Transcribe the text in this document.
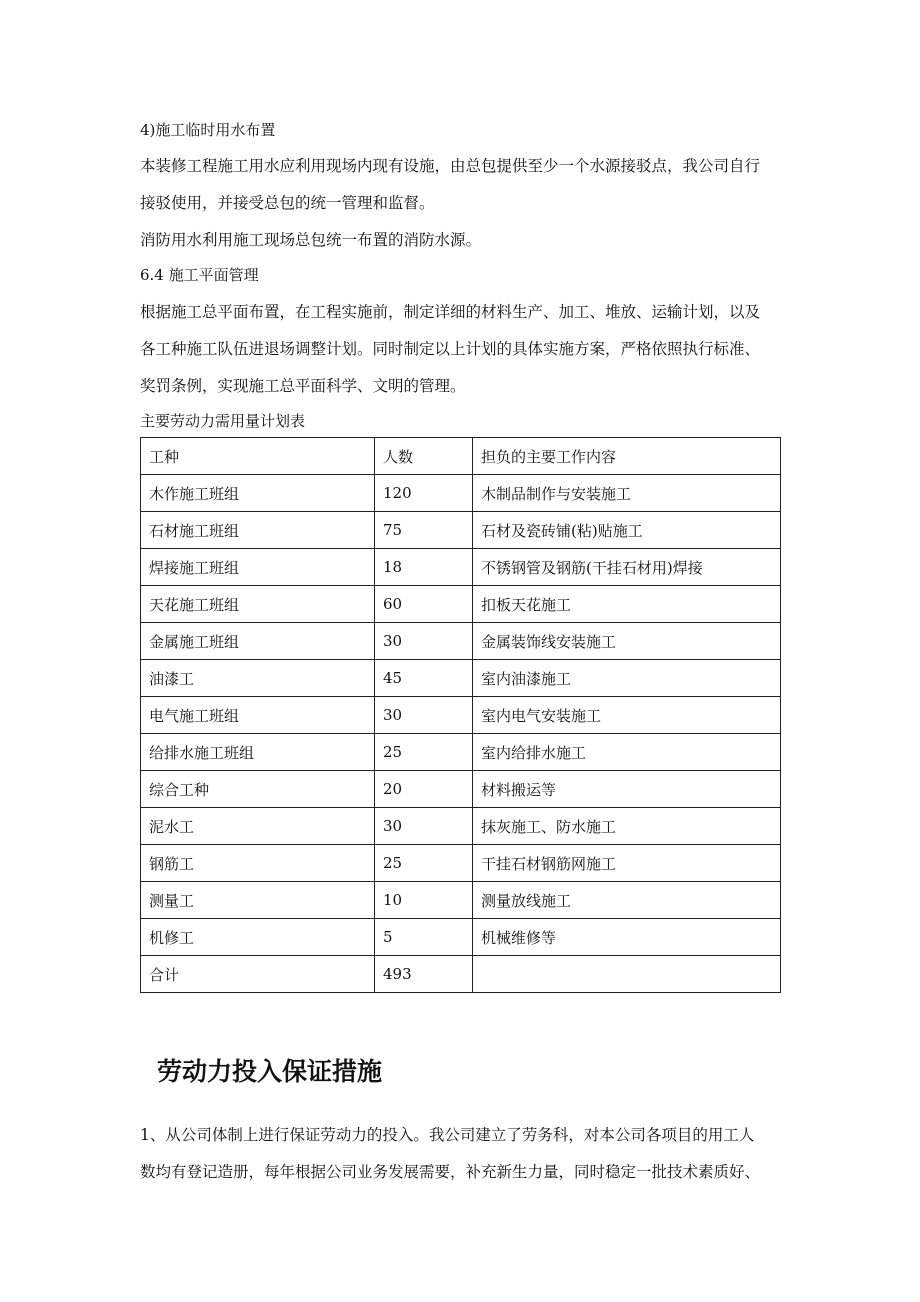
4)施工临时用水布置
本装修工程施工用水应利用现场内现有设施，由总包提供至少一个水源接驳点，我公司自行
接驳使用，并接受总包的统一管理和监督。
消防用水利用施工现场总包统一布置的消防水源。
6.4 施工平面管理
根据施工总平面布置，在工程实施前，制定详细的材料生产、加工、堆放、运输计划，以及
各工种施工队伍进退场调整计划。同时制定以上计划的具体实施方案，严格依照执行标准、
奖罚条例，实现施工总平面科学、文明的管理。
主要劳动力需用量计划表
工种	人数	担负的主要工作内容
木作施工班组	120	木制品制作与安装施工
石材施工班组	75	石材及瓷砖铺(粘)贴施工
焊接施工班组	18	不锈钢管及钢筋(干挂石材用)焊接
天花施工班组	60	扣板天花施工
金属施工班组	30	金属装饰线安装施工
油漆工	45	室内油漆施工
电气施工班组	30	室内电气安装施工
给排水施工班组	25	室内给排水施工
综合工种	20	材料搬运等
泥水工	30	抹灰施工、防水施工
钢筋工	25	干挂石材钢筋网施工
测量工	10	测量放线施工
机修工	5	机械维修等
合计	493	
劳动力投入保证措施
1、从公司体制上进行保证劳动力的投入。我公司建立了劳务科，对本公司各项目的用工人
数均有登记造册，每年根据公司业务发展需要，补充新生力量，同时稳定一批技术素质好、
